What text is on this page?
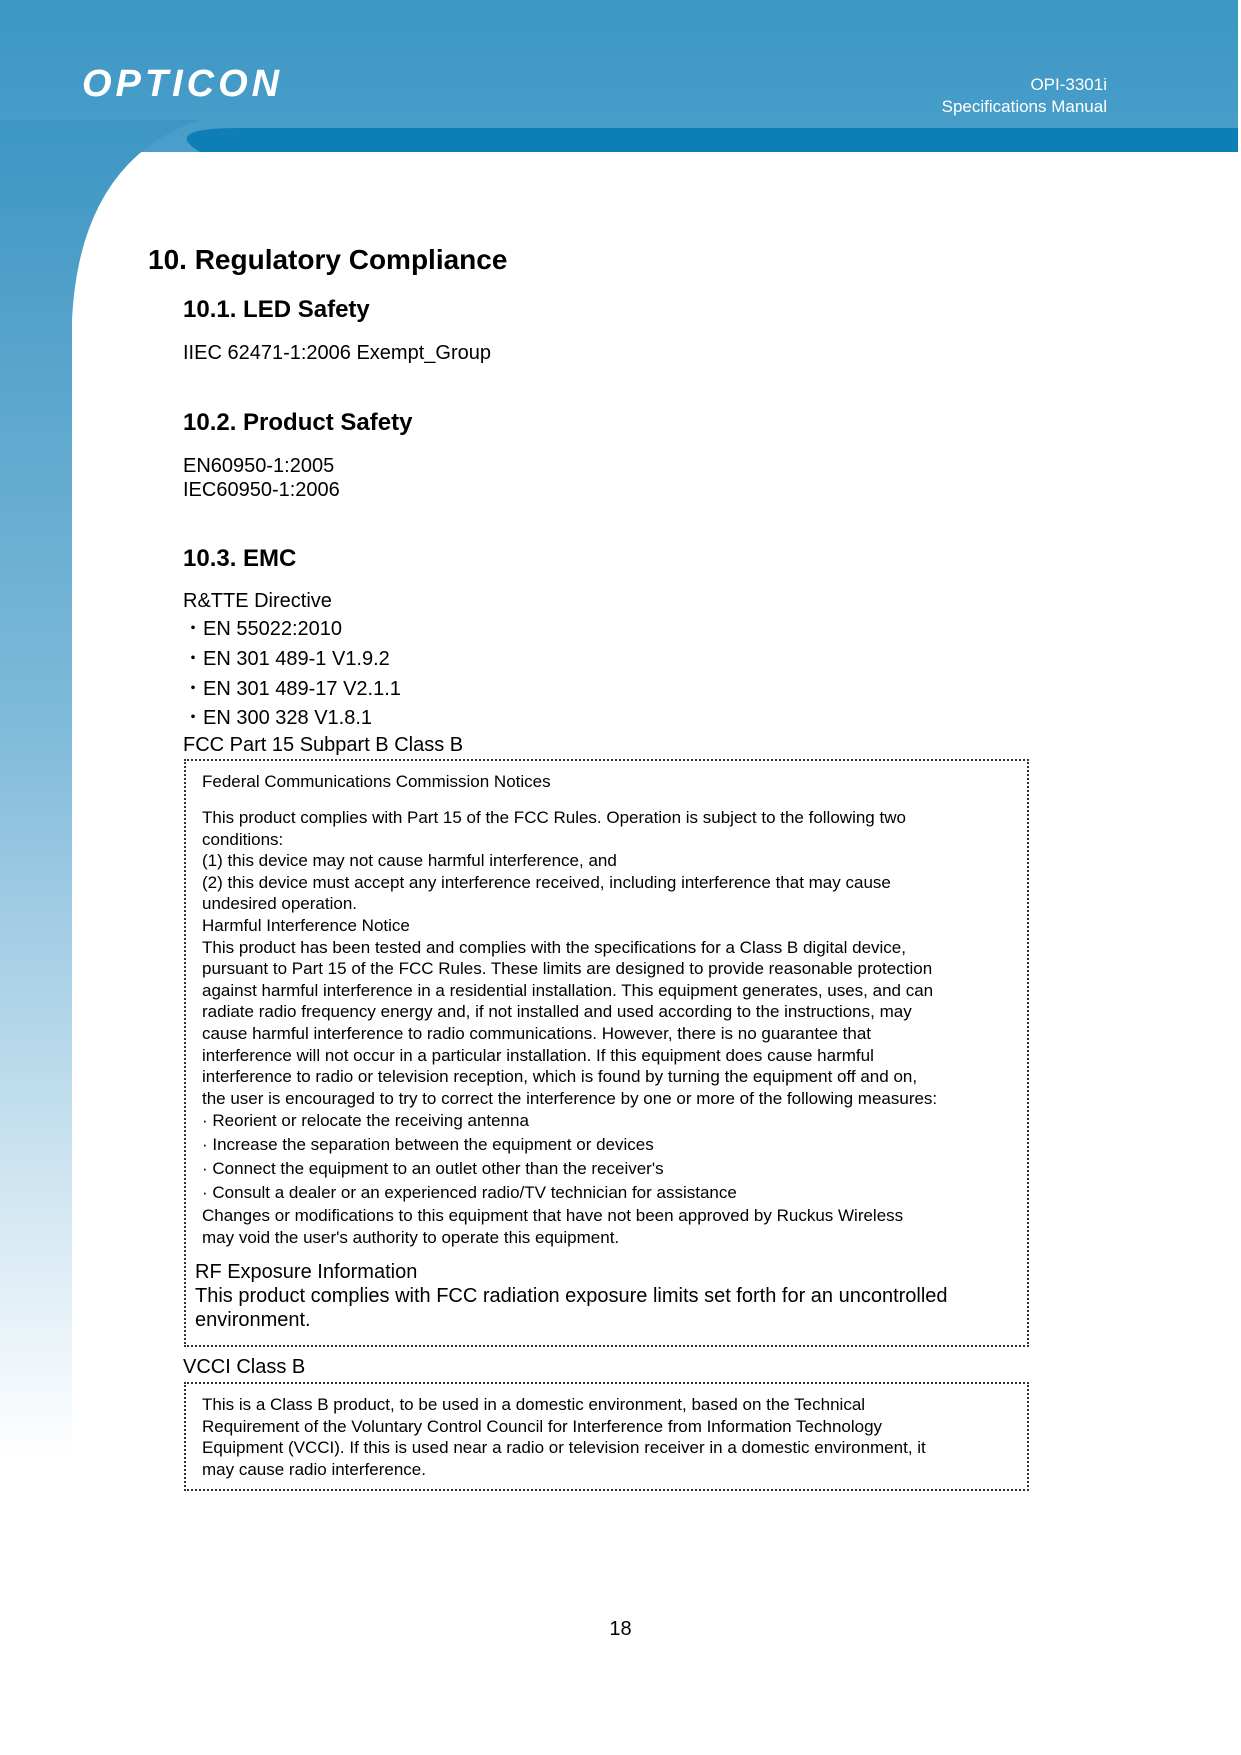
OPTICON	OPI-3301i
Specifications Manual
10. Regulatory Compliance
10.1. LED Safety

IIEC 62471-1:2006 Exempt_Group

10.2. Product Safety

EN60950-1:2005

IEC60950-1:2006

10.3. EMC

R&TTE Directive

・EN 55022:2010
・EN 301 489-1 V1.9.2
・EN 301 489-17 V2.1.1
・EN 300 328 V1.8.1

FCC Part 15 Subpart B Class B

Federal Communications Commission Notices

This product complies with Part 15 of the FCC Rules. Operation is subject to the following two

conditions:

(1) this device may not cause harmful interference, and

(2) this device must accept any interference received, including interference that may cause

undesired operation.

Harmful Interference Notice

This product has been tested and complies with the specifications for a Class B digital device,

pursuant to Part 15 of the FCC Rules. These limits are designed to provide reasonable protection

against harmful interference in a residential installation. This equipment generates, uses, and can

radiate radio frequency energy and, if not installed and used according to the instructions, may

cause harmful interference to radio communications. However, there is no guarantee that

interference will not occur in a particular installation. If this equipment does cause harmful

interference to radio or television reception, which is found by turning the equipment off and on,

the user is encouraged to try to correct the interference by one or more of the following measures:

· Reorient or relocate the receiving antenna

· Increase the separation between the equipment or devices

· Connect the equipment to an outlet other than the receiver's

· Consult a dealer or an experienced radio/TV technician for assistance

Changes or modifications to this equipment that have not been approved by Ruckus Wireless

may void the user's authority to operate this equipment.

RF Exposure Information

This product complies with FCC radiation exposure limits set forth for an uncontrolled

environment.

VCCI Class B

This is a Class B product, to be used in a domestic environment, based on the Technical

Requirement of the Voluntary Control Council for Interference from Information Technology

Equipment (VCCI). If this is used near a radio or television receiver in a domestic environment, it

may cause radio interference.

18
